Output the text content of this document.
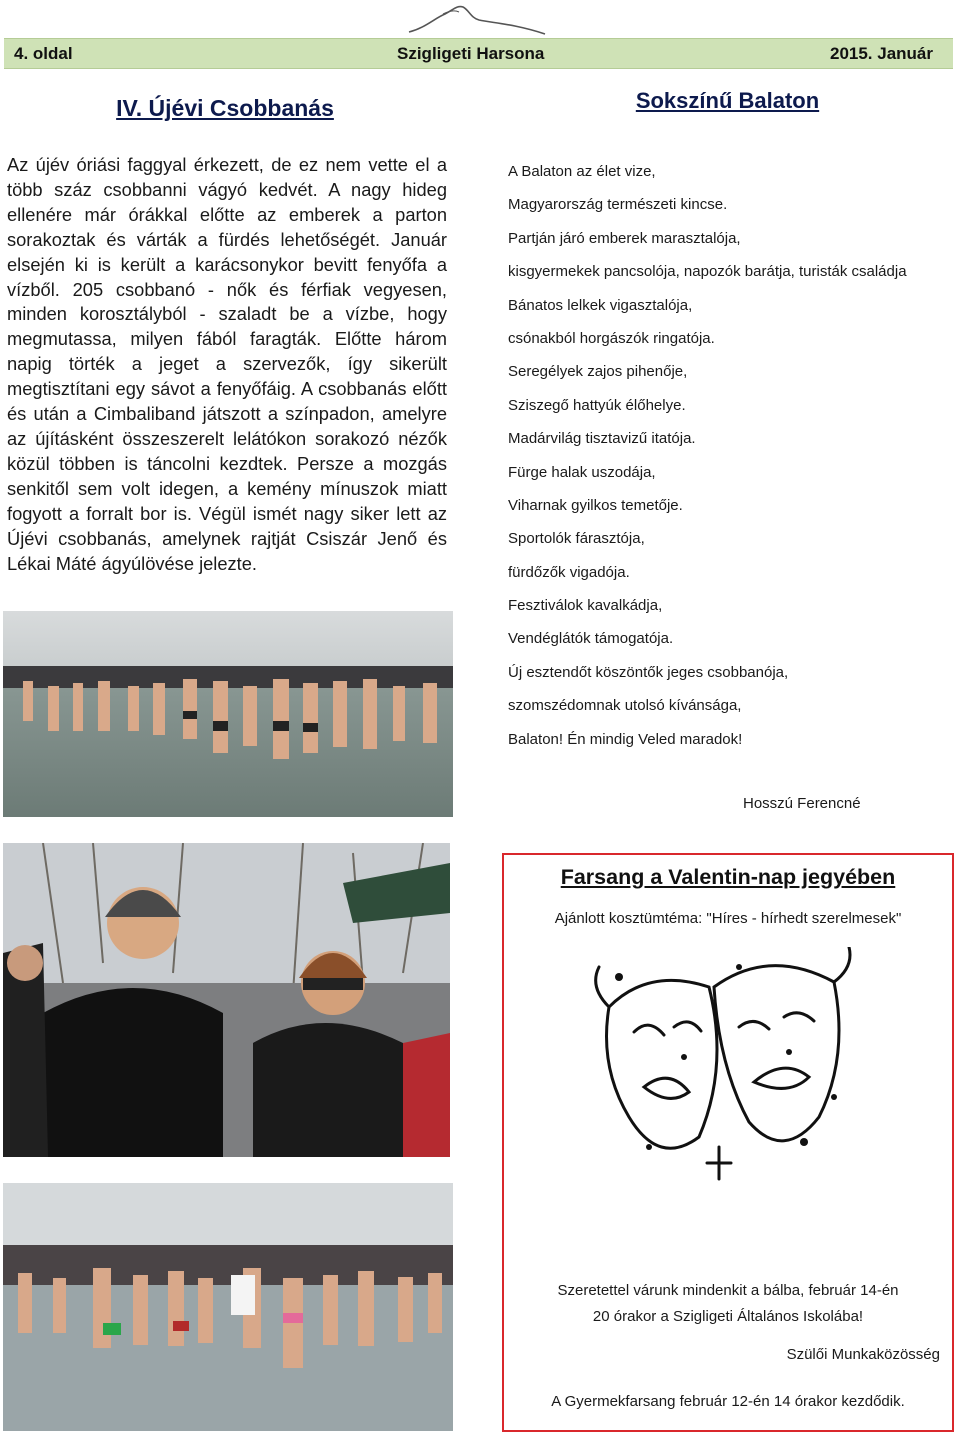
4. oldal	Szigligeti Harsona	2015. Január
IV. Újévi Csobbanás

Az újév óriási faggyal érkezett, de ez nem vette el a több száz csobbanni vágyó kedvét. A nagy hideg ellenére már órákkal előtte az emberek a parton sorakoztak és várták a fürdés lehetőségét. Január elsején ki is került a karácsonykor bevitt fenyőfa a vízből. 205 csobbanó - nők és férfiak vegyesen, minden korosztályból - szaladt be a vízbe, hogy megmutassa, milyen fából faragták. Előtte három napig törték a jeget a szervezők, így sikerült megtisztítani egy sávot a fenyőfáig. A csobbanás előtt és után a Cimbaliband játszott a színpadon, amelyre az újításként összeszerelt lelátókon sorakozó nézők közül többen is táncolni kezdtek. Persze a mozgás senkitől sem volt idegen, a kemény mínuszok miatt fogyott a forralt bor is. Végül ismét nagy siker lett az Újévi csobbanás, amelynek rajtját Csiszár Jenő és Lékai Máté ágyúlövése jelezte.

Sokszínű Balaton
A Balaton az élet vize,
Magyarország természeti kincse.
Partján járó emberek marasztalója,
kisgyermekek pancsolója, napozók barátja, turisták családja
Bánatos lelkek vigasztalója,
csónakból horgászók ringatója.
Seregélyek zajos pihenője,
Sziszegő hattyúk élőhelye.
Madárvilág tisztavizű itatója.
Fürge halak uszodája,
Viharnak gyilkos temetője.
Sportolók fárasztója,
fürdőzők vigadója.
Fesztiválok kavalkádja,
Vendéglátók támogatója.
Új esztendőt köszöntők jeges csobbanója,
szomszédomnak utolsó kívánsága,
Balaton! Én mindig Veled maradok!
Hosszú Ferencné
Farsang a Valentin-nap jegyében
Ajánlott kosztümtéma: "Híres - hírhedt szerelmesek"
Szeretettel várunk mindenkit a bálba, február 14-én
20 órakor a Szigligeti Általános Iskolába!
Szülői Munkaközösség
A Gyermekfarsang február 12-én 14 órakor kezdődik.
